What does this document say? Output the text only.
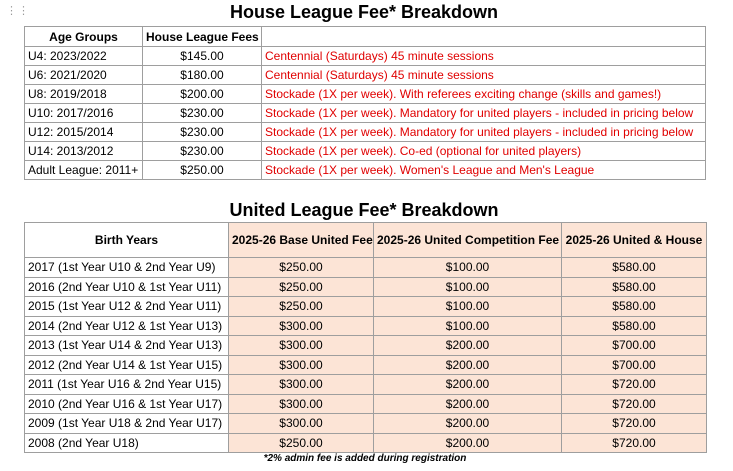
⋮⋮	House League Fee* Breakdown
Age Groups	House League Fees	
U4: 2023/2022	$145.00	Centennial (Saturdays) 45 minute sessions
U6: 2021/2020	$180.00	Centennial (Saturdays) 45 minute sessions
U8: 2019/2018	$200.00	Stockade (1X per week). With referees exciting change (skills and games!)
U10: 2017/2016	$230.00	Stockade (1X per week). Mandatory for united players - included in pricing below
U12: 2015/2014	$230.00	Stockade (1X per week). Mandatory for united players - included in pricing below
U14: 2013/2012	$230.00	Stockade (1X per week). Co-ed (optional for united players)
Adult League: 2011+	$250.00	Stockade (1X per week). Women's League and Men's League
United League Fee* Breakdown
Birth Years	2025-26 Base United Fee	2025-26 United Competition Fee	2025-26 United & House
2017 (1st Year U10 & 2nd Year U9)	$250.00	$100.00	$580.00
2016 (2nd Year U10 & 1st Year U11)	$250.00	$100.00	$580.00
2015 (1st Year U12 & 2nd Year U11)	$250.00	$100.00	$580.00
2014 (2nd Year U12 & 1st Year U13)	$300.00	$100.00	$580.00
2013 (1st Year U14 & 2nd Year U13)	$300.00	$200.00	$700.00
2012 (2nd Year U14 & 1st Year U15)	$300.00	$200.00	$700.00
2011 (1st Year U16 & 2nd Year U15)	$300.00	$200.00	$720.00
2010 (2nd Year U16 & 1st Year U17)	$300.00	$200.00	$720.00
2009 (1st Year U18 & 2nd Year U17)	$300.00	$200.00	$720.00
2008 (2nd Year U18)	$250.00	$200.00	$720.00
*2% admin fee is added during registration
